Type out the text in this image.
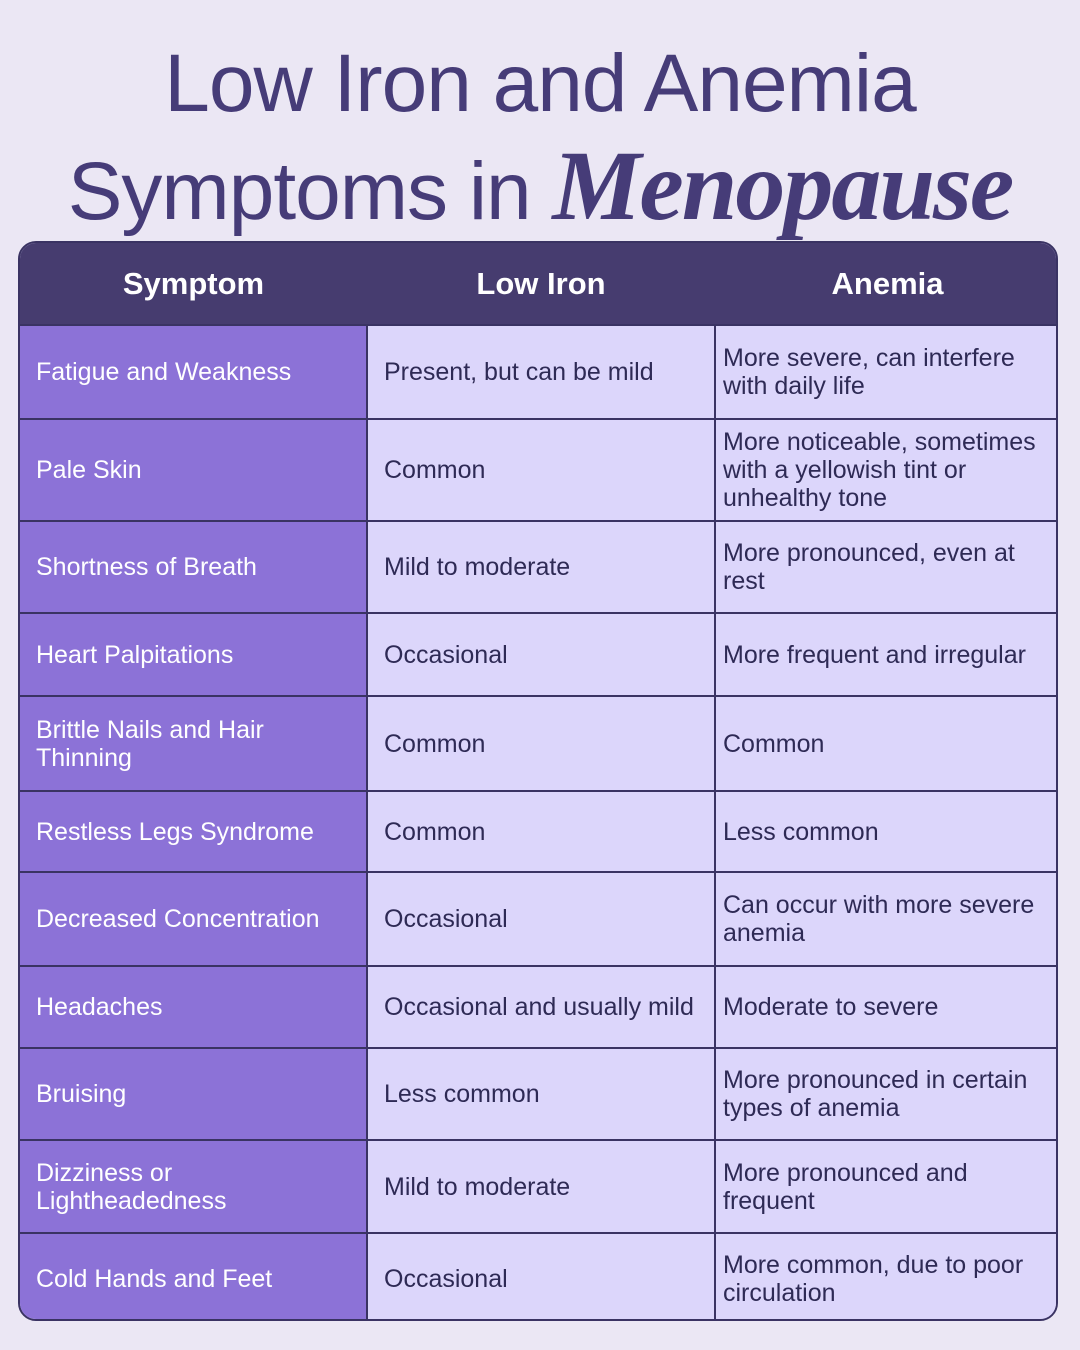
Low Iron and Anemia
Symptoms in Menopause
Symptom	Low Iron	Anemia
Fatigue and Weakness	Present, but can be mild	More severe, can interfere with daily life
Pale Skin	Common	More noticeable, sometimes with a yellowish tint or unhealthy tone
Shortness of Breath	Mild to moderate	More pronounced, even at rest
Heart Palpitations	Occasional	More frequent and irregular
Brittle Nails and Hair Thinning	Common	Common
Restless Legs Syndrome	Common	Less common
Decreased Concentration	Occasional	Can occur with more severe anemia
Headaches	Occasional and usually mild	Moderate to severe
Bruising	Less common	More pronounced in certain types of anemia
Dizziness or Lightheadedness	Mild to moderate	More pronounced and frequent
Cold Hands and Feet	Occasional	More common, due to poor circulation
